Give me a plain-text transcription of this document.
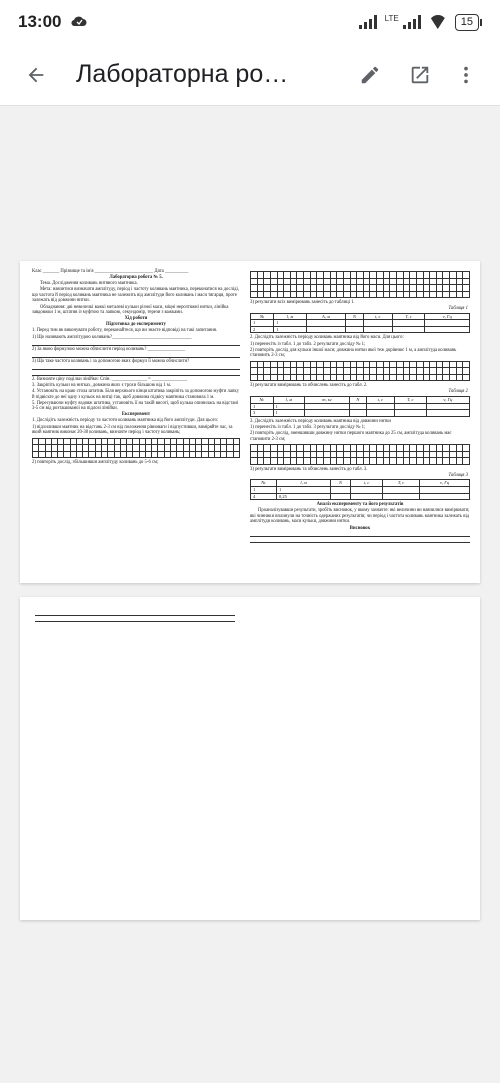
13:00	LTE	15
Лабораторна ро…

Клас _______ Прізвище та ім'я _________________________ Дата __________

Лабораторна робота № 5.

Тема. Дослідження коливань нитяного маятника.

Мета: навчитися визначати амплітуду, період і частоту коливань маятника, переконатися на досліді, що частота й період коливань маятника не залежить від амплітуди його коливань і маси тягарця, проте залежать від довжини нитки.

Обладнання: дві невеличкі важкі металеві кульки різної маси, міцні нерозтяжні нитки, лінійка завдовжки 1 м, штатив із муфтою та лапкою, секундомір, терези з важками.

Хід роботи

Підготовка до експерименту

1. Перед тим як виконувати роботу, переконайтеся, що ви знаєте відповіді на такі запитання.

1) Що називають амплітудою коливань?__________________________________

2) За якою формулою можна обчислити період коливань? ________________

3) Що таке частота коливань і за допомогою яких формул її можна обчислити?

2. Визначте ціну поділки лінійки: Спін. _______________ = _______________

3. Закріпіть кульки на нитках, довжина яких є трохи більшою від 1 м.

4. Установіть на краю стола штатив. Біля верхнього кінця штатива закріпіть за допомогою муфти лапку й підвісьте до неї одну з кульок на нитці так, щоб довжина підвісу маятника становила 1 м.

5. Пересуваючи муфту вздовж штатива, установіть її на такій висоті, щоб кулька опинилась на відстані 3-5 см від розташованої на підлозі лінійки.

Експеримент

1. Дослідіть залежність періоду та частоти коливань маятника від його амплітуди. Для цього:

1) відхиливши маятник на відстань 2-3 см від положення рівноваги і відпустивши, виміряйте час, за який маятник виконає 20-30 коливань, визначте період і частоту коливань;

2) повторіть дослід, збільшивши амплітуду коливань до 5-6 см;

3) результати всіх вимірювань занесіть до таблиці 1.

Таблиця 1

№	l, м	A, м	N	t, с	T, с	ν, Гц
1	1					
2	1					

2. Дослідіть залежність періоду коливань маятника від його маси. Для цього:

1) перенесіть із табл. 1 до табл. 2 результати досліду № 1;

2) повторіть дослід для кульки іншої маси; довжина нитки якої теж дорівнює 1 м, а амплітуда коливань становить 2-3 см;

3) результати вимірювань та обчислень занесіть до табл. 2.

Таблиця 2

№	l, м	m, кг	N	t, с	T, с	ν, Гц
1	1					
3	1					

3. Дослідіть залежність періоду коливань маятника від довжини нитки

1) перенесіть із табл. 1 до табл. 3 результати досліду № 1;

2) повторіть дослід, зменшивши довжину нитки першого маятника до 25 см, амплітуда коливань має становити 2-3 см;

3) результати вимірювань та обчислень занесіть до табл. 3.

Таблиця 3

№	l, м	N	t, с	T, с	ν, Гц
1	1				
4	0,25				

Аналіз експерименту та його результатів

Проаналізувавши результати, зробіть висновок, у якому зазначте: які величини ви навчилися вимірювати; які чинники вплинули на точність одержаних результатів; чи період і частота коливань маятника залежать від амплітуди коливань, маси кульки, довжини нитки.

Висновок
